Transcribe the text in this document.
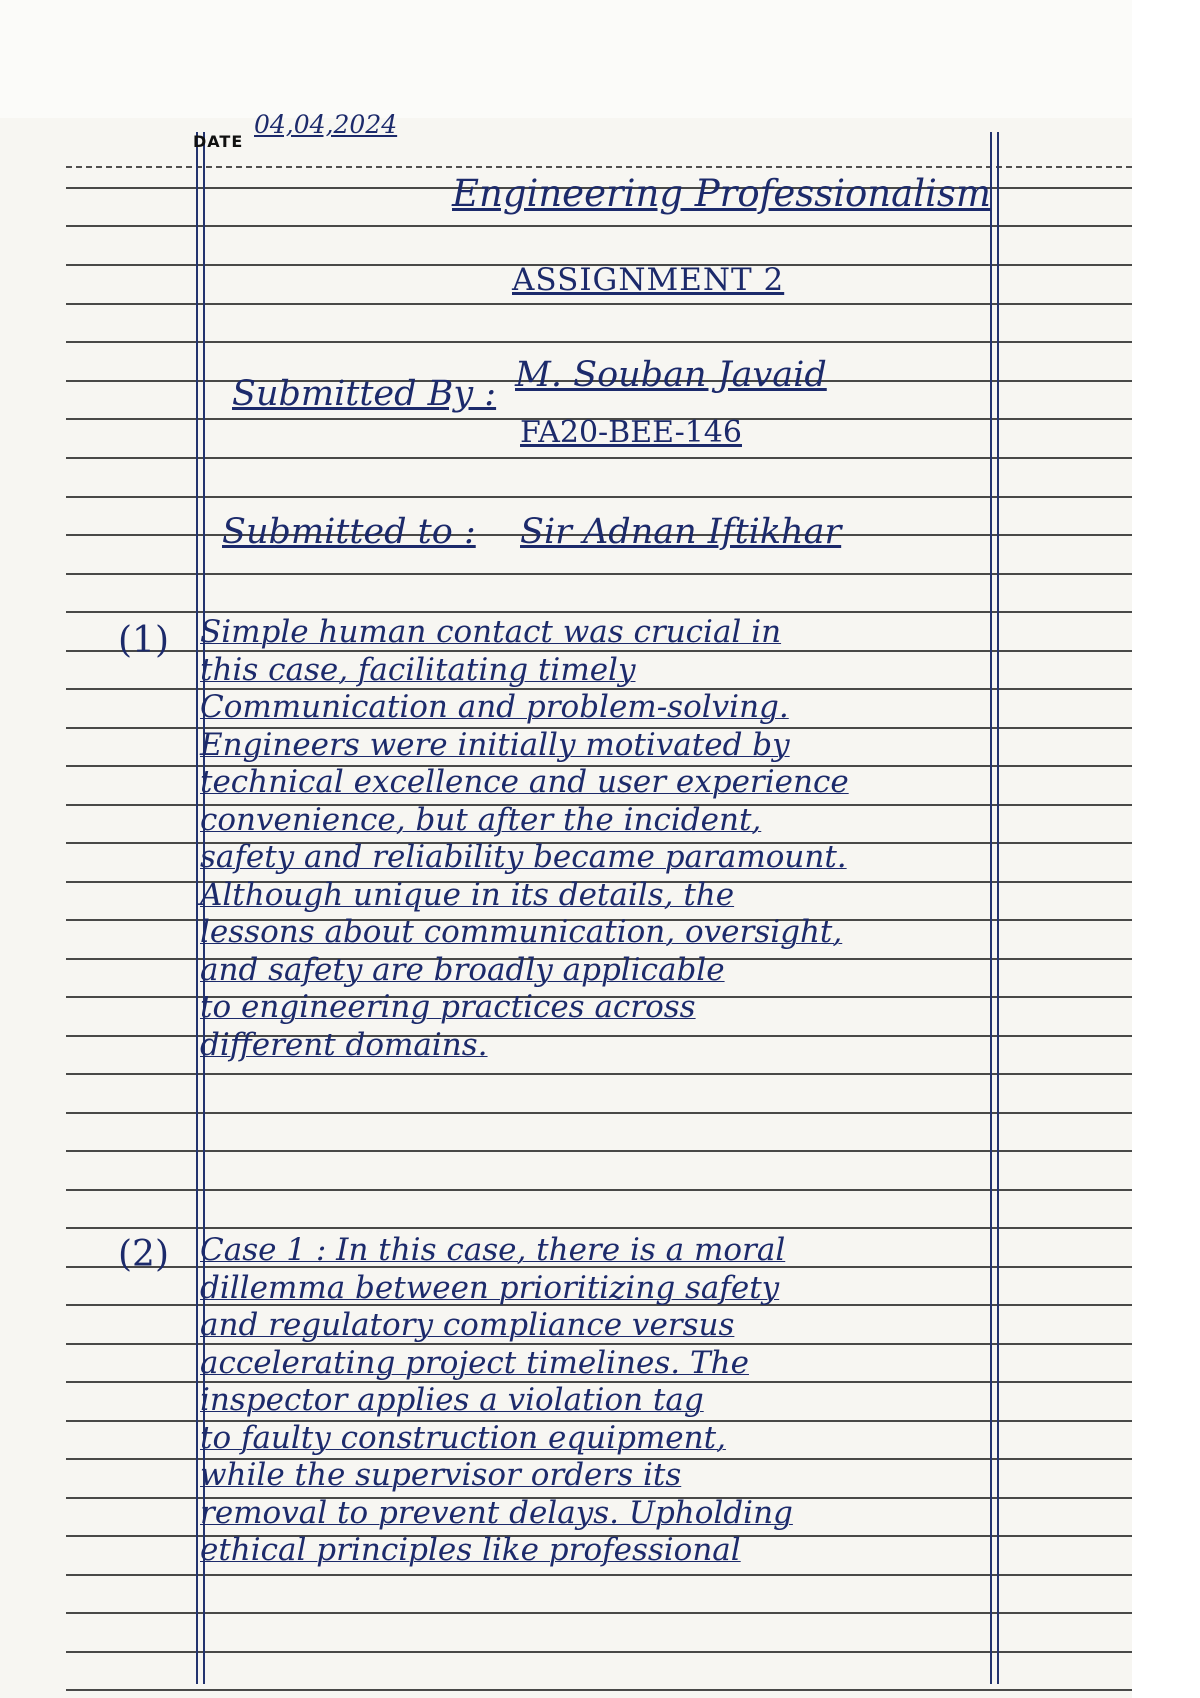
DATE
04,04,2024
Engineering Professionalism
ASSIGNMENT 2
Submitted By : M. Souban Javaid
FA20-BEE-146
Submitted to : Sir Adnan Iftikhar
(1) Simple human contact was crucial in
this case, facilitating timely
Communication and problem-solving.
Engineers were initially motivated by
technical excellence and user experience
convenience, but after the incident,
safety and reliability became paramount.
Although unique in its details, the
lessons about communication, oversight,
and safety are broadly applicable
to engineering practices across
different domains.
(2) Case 1 : In this case, there is a moral
dillemma between prioritizing safety
and regulatory compliance versus
accelerating project timelines. The
inspector applies a violation tag
to faulty construction equipment,
while the supervisor orders its
removal to prevent delays. Upholding
ethical principles like professional
